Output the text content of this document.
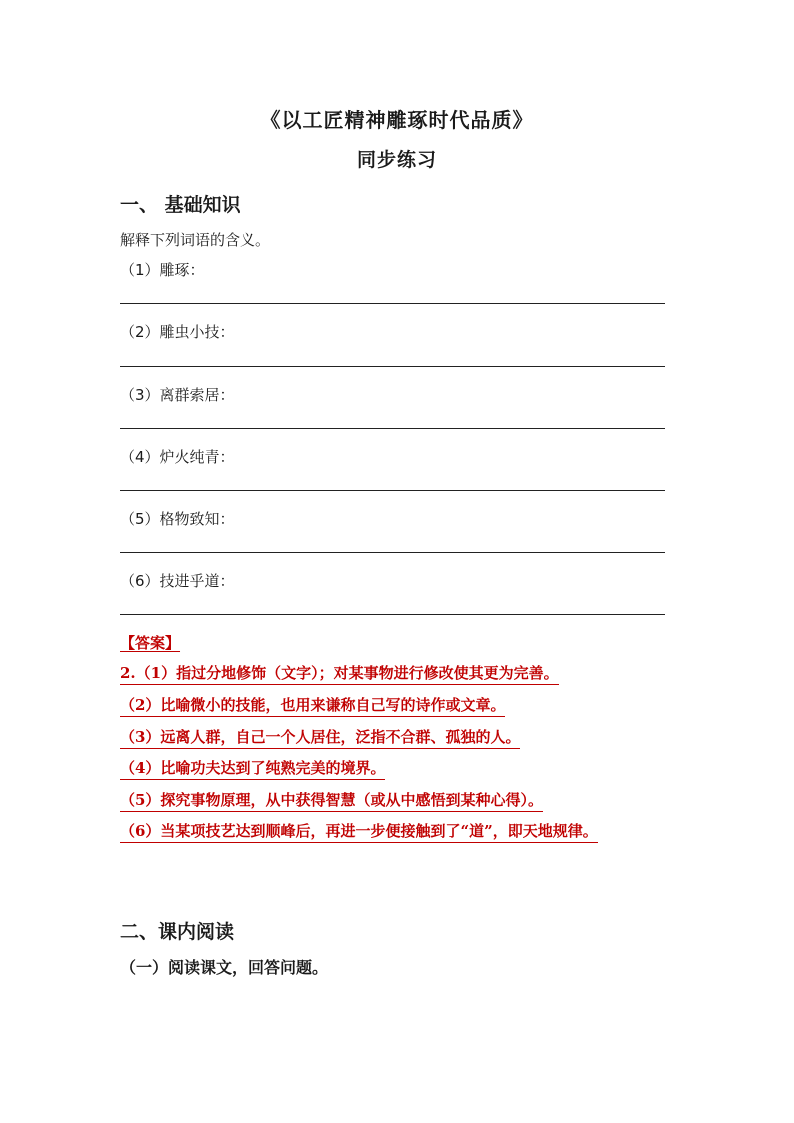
《以工匠精神雕琢时代品质》
同步练习
一、 基础知识
解释下列词语的含义。
（1）雕琢：
（2）雕虫小技：
（3）离群索居：
（4）炉火纯青：
（5）格物致知：
（6）技进乎道：
【答案】
2.（1）指过分地修饰（文字）；对某事物进行修改使其更为完善。
（2）比喻微小的技能，也用来谦称自己写的诗作或文章。
（3）远离人群，自己一个人居住，泛指不合群、孤独的人。
（4）比喻功夫达到了纯熟完美的境界。
（5）探究事物原理，从中获得智慧（或从中感悟到某种心得）。
（6）当某项技艺达到顺峰后，再进一步便接触到了“道”，即天地规律。
二、课内阅读
（一）阅读课文，回答问题。
